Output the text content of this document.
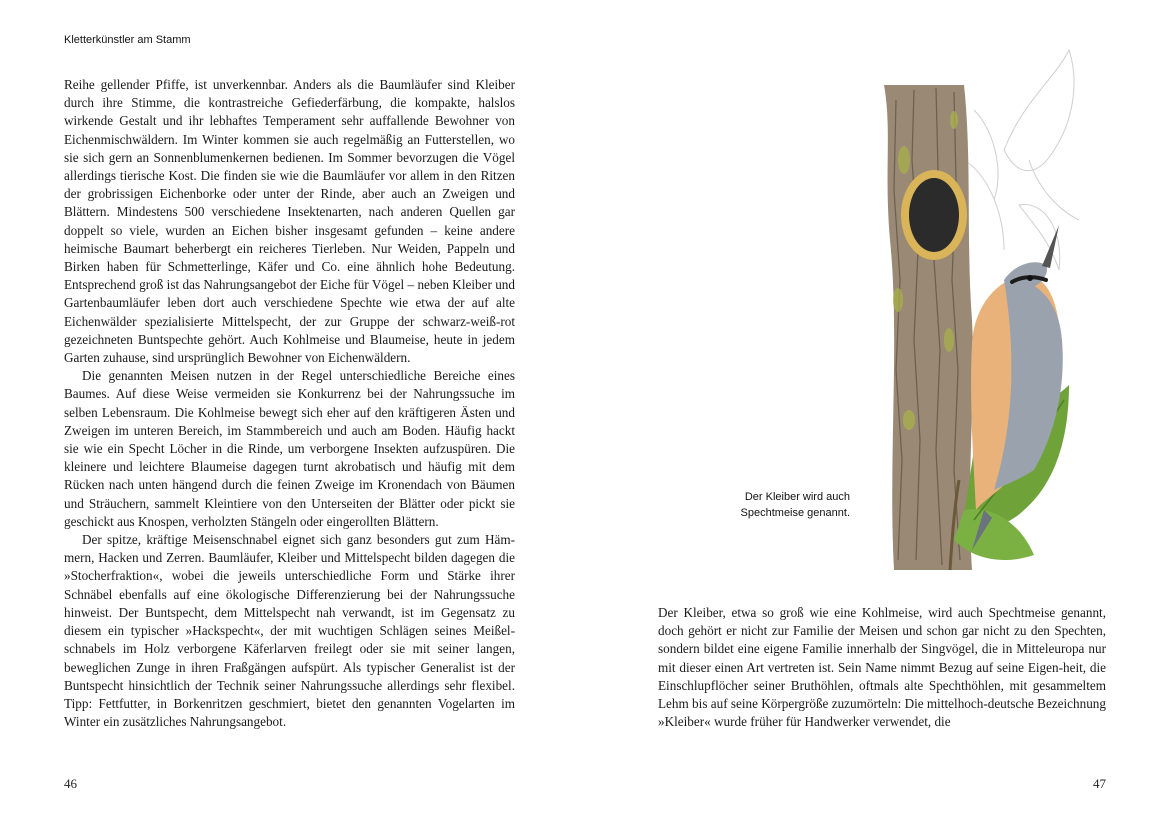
Kletterkünstler am Stamm

Reihe gellender Pfiffe, ist unverkennbar. Anders als die Baumläufer sind Kleiber durch ihre Stimme, die kontrastreiche Gefiederfärbung, die kompakte, halslos wirkende Gestalt und ihr lebhaftes Temperament sehr auffallende Bewohner von Eichenmischwäldern. Im Winter kommen sie auch regelmäßig an Futterstellen, wo sie sich gern an Sonnenblumenkernen bedienen. Im Sommer bevorzugen die Vögel allerdings tierische Kost. Die finden sie wie die Baumläufer vor allem in den Ritzen der grobrissigen Eichenborke oder unter der Rinde, aber auch an Zweigen und Blättern. Mindestens 500 verschiedene Insektenarten, nach anderen Quellen gar doppelt so viele, wurden an Eichen bisher insgesamt gefunden – keine andere heimische Baumart beherbergt ein reicheres Tierleben. Nur Weiden, Pappeln und Birken haben für Schmetterlinge, Käfer und Co. eine ähnlich hohe Bedeutung. Entsprechend groß ist das Nahrungsangebot der Eiche für Vögel – neben Kleiber und Gartenbaumläufer leben dort auch verschiedene Spechte wie etwa der auf alte Eichenwälder spezialisierte Mittelspecht, der zur Gruppe der schwarz-weiß-rot gezeichneten Buntspechte gehört. Auch Kohlmeise und Blaumeise, heute in jedem Garten zuhause, sind ursprünglich Bewohner von Eichenwäldern.

Die genannten Meisen nutzen in der Regel unterschiedliche Bereiche eines Baumes. Auf diese Weise vermeiden sie Konkurrenz bei der Nahrungssuche im selben Lebensraum. Die Kohlmeise bewegt sich eher auf den kräftigeren Ästen und Zweigen im unteren Bereich, im Stammbereich und auch am Boden. Häufig hackt sie wie ein Specht Löcher in die Rinde, um verborgene Insekten aufzuspüren. Die kleinere und leichtere Blaumeise dagegen turnt akrobatisch und häufig mit dem Rücken nach unten hängend durch die feinen Zweige im Kronendach von Bäumen und Sträuchern, sammelt Kleintiere von den Unterseiten der Blätter oder pickt sie geschickt aus Knospen, verholzten Stängeln oder eingerollten Blättern.

Der spitze, kräftige Meisenschnabel eignet sich ganz besonders gut zum Häm-mern, Hacken und Zerren. Baumläufer, Kleiber und Mittelspecht bilden dagegen die »Stocherfraktion«, wobei die jeweils unterschiedliche Form und Stärke ihrer Schnäbel ebenfalls auf eine ökologische Differenzierung bei der Nahrungssuche hinweist. Der Buntspecht, dem Mittelspecht nah verwandt, ist im Gegensatz zu diesem ein typischer »Hackspecht«, der mit wuchtigen Schlägen seines Meißel-schnabels im Holz verborgene Käferlarven freilegt oder sie mit seiner langen, beweglichen Zunge in ihren Fraßgängen aufspürt. Als typischer Generalist ist der Buntspecht hinsichtlich der Technik seiner Nahrungssuche allerdings sehr flexibel. Tipp: Fettfutter, in Borkenritzen geschmiert, bietet den genannten Vogelarten im Winter ein zusätzliches Nahrungsangebot.

46
Der Kleiber wird auch
Spechtmeise genannt.

Der Kleiber, etwa so groß wie eine Kohlmeise, wird auch Spechtmeise genannt, doch gehört er nicht zur Familie der Meisen und schon gar nicht zu den Spechten, sondern bildet eine eigene Familie innerhalb der Singvögel, die in Mitteleuropa nur mit dieser einen Art vertreten ist. Sein Name nimmt Bezug auf seine Eigen-heit, die Einschlupflöcher seiner Bruthöhlen, oftmals alte Spechthöhlen, mit gesammeltem Lehm bis auf seine Körpergröße zuzumörteln: Die mittelhoch-deutsche Bezeichnung »Kleiber« wurde früher für Handwerker verwendet, die

47
